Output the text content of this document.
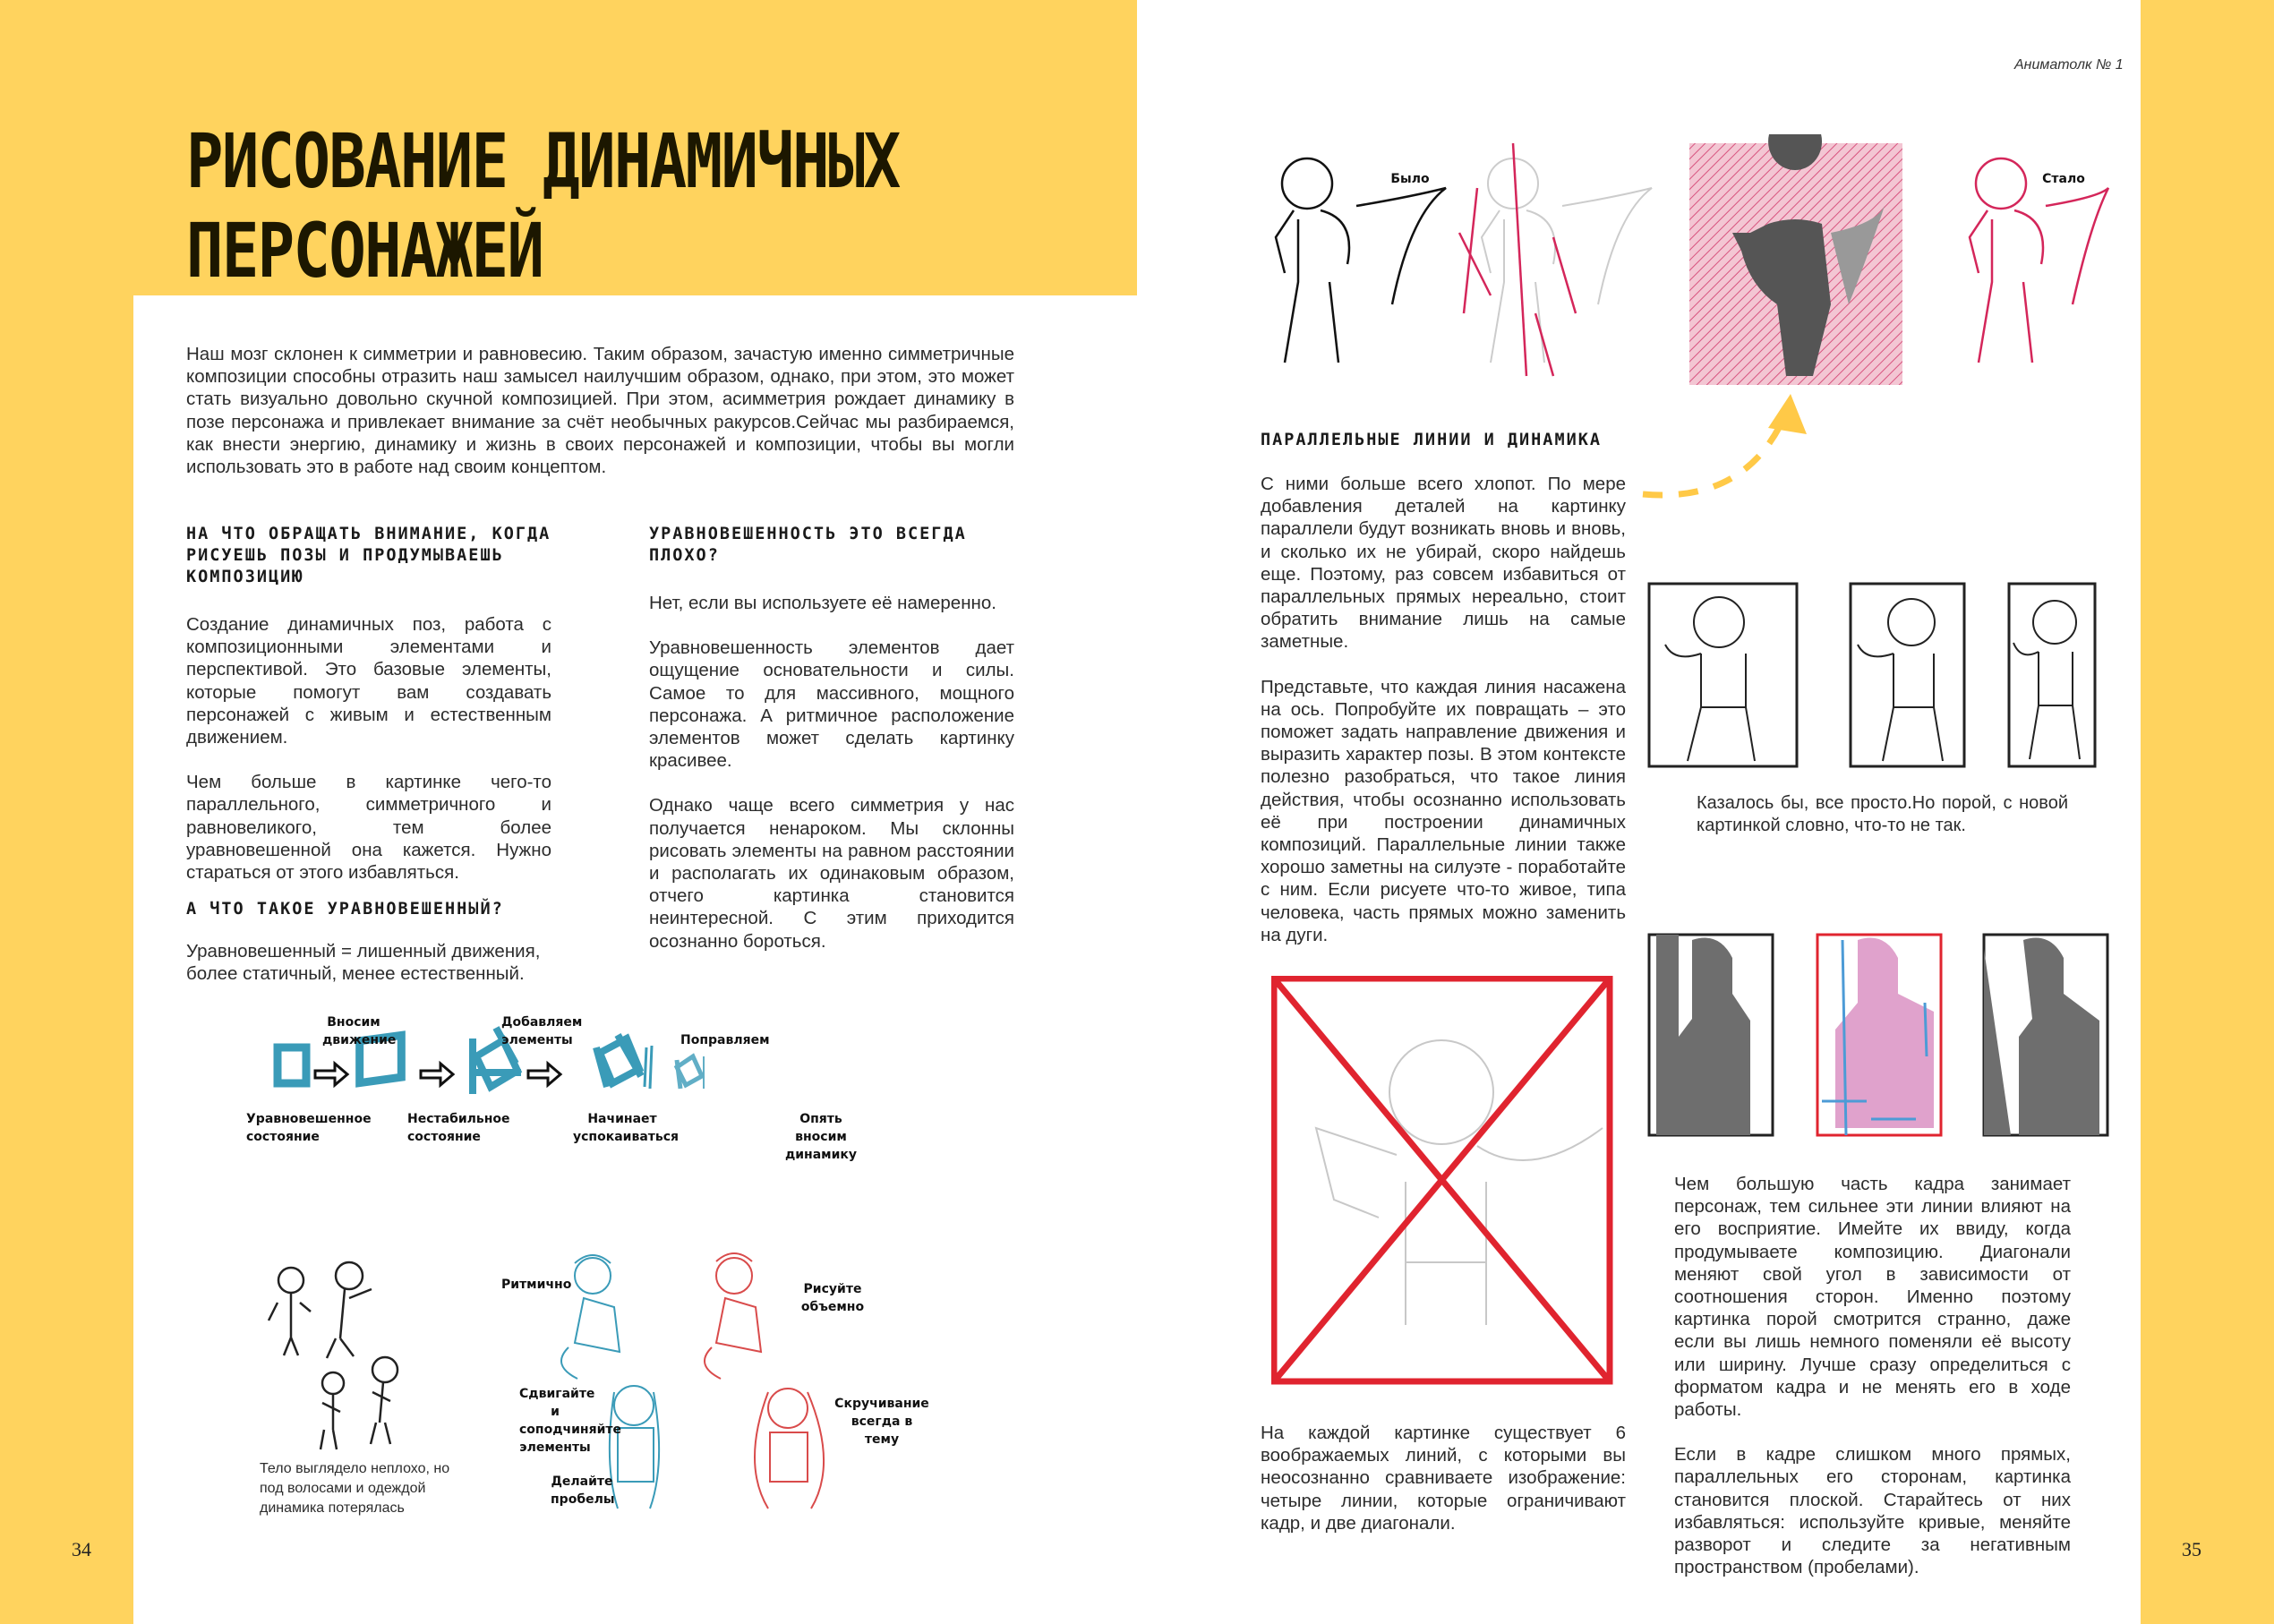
РИСОВАНИЕ ДИНАМИЧНЫХ
ПЕРСОНАЖЕЙ
Наш мозг склонен к симметрии и равновесию. Таким образом, зачастую именно симметричные композиции способны отразить наш замысел наилучшим образом, однако, при этом, это может стать визуально довольно скучной композицией. При этом, асимметрия рождает динамику в позе персонажа и привлекает внимание за счёт необычных ракурсов.Сейчас мы разбираемся, как внести энергию, динамику и жизнь в своих персонажей и композиции, чтобы вы могли использовать это в работе над своим концептом.
НА ЧТО ОБРАЩАТЬ ВНИМАНИЕ, КОГДА РИСУЕШЬ ПОЗЫ И ПРОДУМЫВАЕШЬ КОМПОЗИЦИЮ
Создание динамичных поз, работа с композиционными элементами и перспективой. Это базовые элементы, которые помогут вам создавать персонажей с живым и естественным движением.
Чем больше в картинке чего-то параллельного, симметричного и равновеликого, тем более уравновешенной она кажется. Нужно стараться от этого избавляться.
А ЧТО ТАКОЕ УРАВНОВЕШЕННЫЙ?
Уравновешенный = лишенный движения, более статичный, менее естественный.
УРАВНОВЕШЕННОСТЬ ЭТО ВСЕГДА ПЛОХО?
Нет, если вы используете её намеренно.
Уравновешенность элементов дает ощущение основательности и силы. Самое то для массивного, мощного персонажа. А ритмичное расположение элементов может сделать картинку красивее.
Однако чаще всего симметрия у нас получается ненароком. Мы склонны рисовать элементы на равном расстоянии и располагать их одинаковым образом, отчего картинка становится неинтересной. С этим приходится осознанно бороться.
Вносим движение
Добавляем элементы	Поправляем
Уравновешенное состояние
Нестабильное состояние
Начинает успокаиваться
Опять вносим динамику
Ритмично	Рисуйте объемно
Сдвигайте и соподчиняйте элементы
Скручивание всегда в тему
Делайте пробелы
Тело выглядело неплохо, но под волосами и одеждой динамика потерялась
34	35
Аниматолк № 1
Было	Стало
ПАРАЛЛЕЛЬНЫЕ ЛИНИИ И ДИНАМИКА
С ними больше всего хлопот. По мере добавления деталей на картинку параллели будут возникать вновь и вновь, и сколько их не убирай, скоро найдешь еще. Поэтому, раз совсем избавиться от параллельных прямых нереально, стоит обратить внимание лишь на самые заметные.
Представьте, что каждая линия насажена на ось. Попробуйте их повращать – это поможет задать направление движения и выразить характер позы. В этом контексте полезно разобраться, что такое линия действия, чтобы осознанно использовать её при построении динамичных композиций. Параллельные линии также хорошо заметны на силуэте - поработайте с ним. Если рисуете что-то живое, типа человека, часть прямых можно заменить на дуги.
Казалось бы, все просто.Но порой, с новой картинкой словно, что-то не так.
Чем большую часть кадра занимает персонаж, тем сильнее эти линии влияют на его восприятие. Имейте их ввиду, когда продумываете композицию. Диагонали меняют свой угол в зависимости от соотношения сторон. Именно поэтому картинка порой смотрится странно, даже если вы лишь немного поменяли её высоту или ширину. Лучше сразу определиться с форматом кадра и не менять его в ходе работы.
Если в кадре слишком много прямых, параллельных его сторонам, картинка становится плоской. Старайтесь от них избавляться: используйте кривые, меняйте разворот и следите за негативным пространством (пробелами).
На каждой картинке существует 6 воображаемых линий, с которыми вы неосознанно сравниваете изображение: четыре линии, которые ограничивают кадр, и две диагонали.
